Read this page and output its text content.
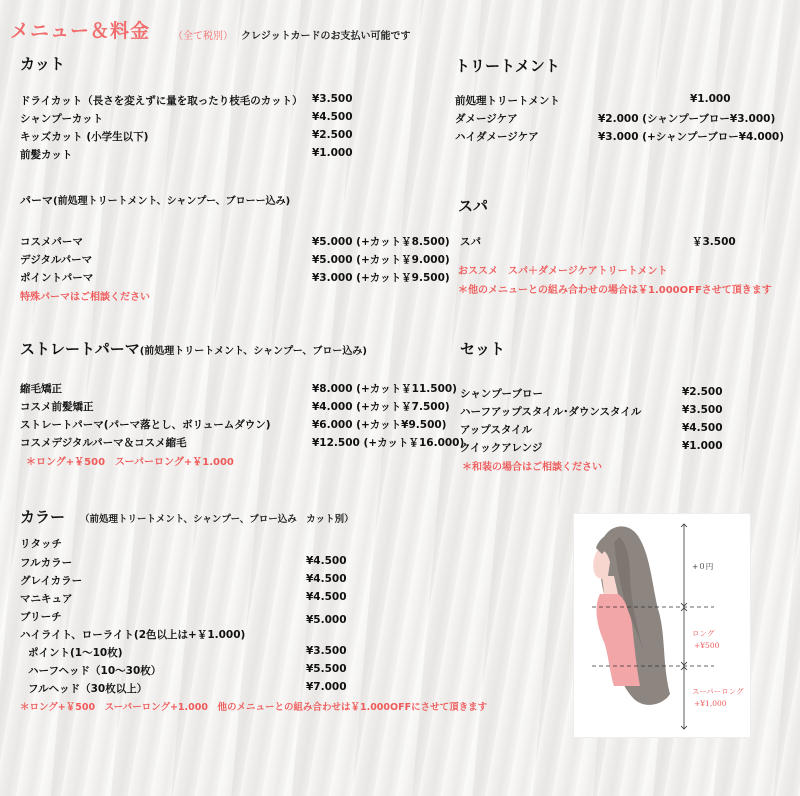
メニュー＆料金 （全て税別） クレジットカードのお支払い可能です
カット
ドライカット（長さを変えずに量を取ったり枝毛のカット） ¥3.500
シャンプーカット	¥4.500
キッズカット (小学生以下)	¥2.500
前髪カット	¥1.000
パーマ(前処理トリートメント、シャンプー、ブローー込み)
コスメパーマ	¥5.000 (+カット￥8.500)
デジタルパーマ	¥5.000 (+カット￥9.000)
ポイントパーマ	¥3.000 (+カット￥9.500)
特殊パーマはご相談ください
ストレートパーマ(前処理トリートメント、シャンプー、ブロー込み)
縮毛矯正	¥8.000 (+カット￥11.500)
コスメ前髪矯正	¥4.000 (+カット￥7.500)
ストレートパーマ(パーマ落とし、ボリュームダウン)	¥6.000 (+カット¥9.500)
コスメデジタルパーマ＆コスメ縮毛	¥12.500 (+カット￥16.000)
＊ロング+￥500　スーパーロング+￥1.000
カラー （前処理トリートメント、シャンプー、ブロー込み　カット別）
リタッチ
フルカラー	¥4.500
グレイカラー	¥4.500
マニキュア	¥4.500
ブリーチ	¥5.000
ハイライト、ローライト(2色以上は+￥1.000)
ポイント(1〜10枚)	¥3.500
ハーフヘッド（10〜30枚）	¥5.500
フルヘッド（30枚以上）	¥7.000
＊ロング+￥500　スーパーロング+1.000　他のメニューとの組み合わせは￥1.000OFFにさせて頂きます
トリートメント
前処理トリートメント	¥1.000
ダメージケア	¥2.000 (シャンプーブロー¥3.000)
ハイダメージケア	¥3.000 (+シャンプーブロー¥4.000)
スパ
スパ	￥3.500
おススメ　スパ＋ダメージケアトリートメント
＊他のメニューとの組み合わせの場合は￥1.000OFFさせて頂きます
セット
シャンプーブロー	¥2.500
ハーフアップスタイル･ダウンスタイル	¥3.500
アップスタイル	¥4.500
クイックアレンジ	¥1.000
＊和装の場合はご相談ください
+０円
ロング
+¥500
スーパーロング
+¥1,000
